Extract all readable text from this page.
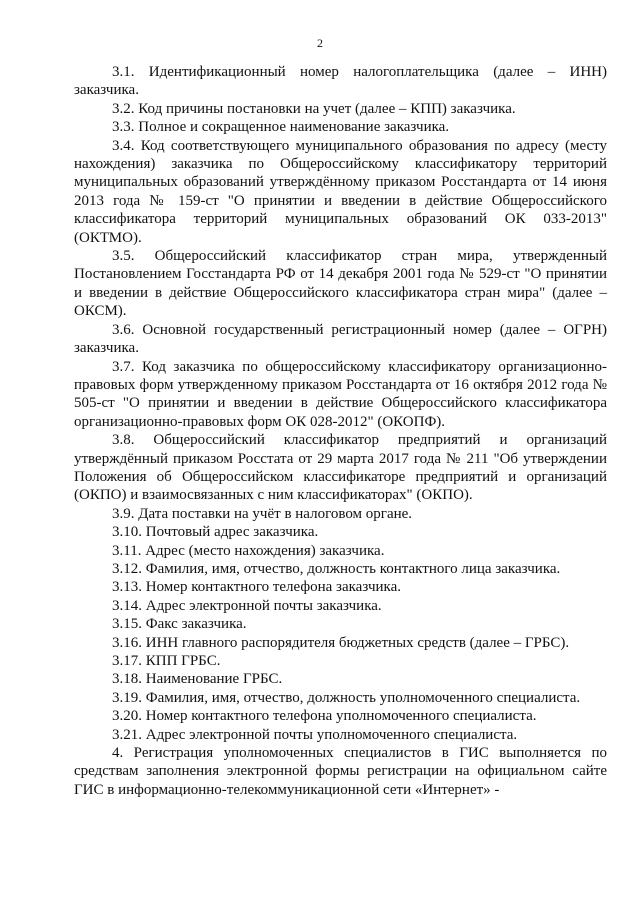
2

3.1. Идентификационный номер налогоплательщика (далее – ИНН) заказчика.

3.2. Код причины постановки на учет (далее – КПП) заказчика.

3.3. Полное и сокращенное наименование заказчика.

3.4. Код соответствующего муниципального образования по адресу (месту нахождения) заказчика по Общероссийскому классификатору территорий муниципальных образований утверждённому приказом Росстандарта от 14 июня 2013 года № 159-ст "О принятии и введении в действие Общероссийского классификатора территорий муниципальных образований ОК 033-2013" (ОКТМО).

3.5. Общероссийский классификатор стран мира, утвержденный Постановлением Госстандарта РФ от 14 декабря 2001 года № 529-ст "О принятии и введении в действие Общероссийского классификатора стран мира" (далее – ОКСМ).

3.6. Основной государственный регистрационный номер (далее – ОГРН) заказчика.

3.7. Код заказчика по общероссийскому классификатору организационно-правовых форм утвержденному приказом Росстандарта от 16 октября 2012 года № 505-ст "О принятии и введении в действие Общероссийского классификатора организационно-правовых форм ОК 028-2012" (ОКОПФ).

3.8. Общероссийский классификатор предприятий и организаций утверждённый приказом Росстата от 29 марта 2017 года № 211 "Об утверждении Положения об Общероссийском классификаторе предприятий и организаций (ОКПО) и взаимосвязанных с ним классификаторах" (ОКПО).

3.9. Дата поставки на учёт в налоговом органе.

3.10. Почтовый адрес заказчика.

3.11. Адрес (место нахождения) заказчика.

3.12. Фамилия, имя, отчество, должность контактного лица заказчика.

3.13. Номер контактного телефона заказчика.

3.14. Адрес электронной почты заказчика.

3.15. Факс заказчика.

3.16. ИНН главного распорядителя бюджетных средств (далее – ГРБС).

3.17. КПП ГРБС.

3.18. Наименование ГРБС.

3.19. Фамилия, имя, отчество, должность уполномоченного специалиста.

3.20. Номер контактного телефона уполномоченного специалиста.

3.21. Адрес электронной почты уполномоченного специалиста.

4. Регистрация уполномоченных специалистов в ГИС выполняется по средствам заполнения электронной формы регистрации на официальном сайте ГИС в информационно-телекоммуникационной сети «Интернет» -
